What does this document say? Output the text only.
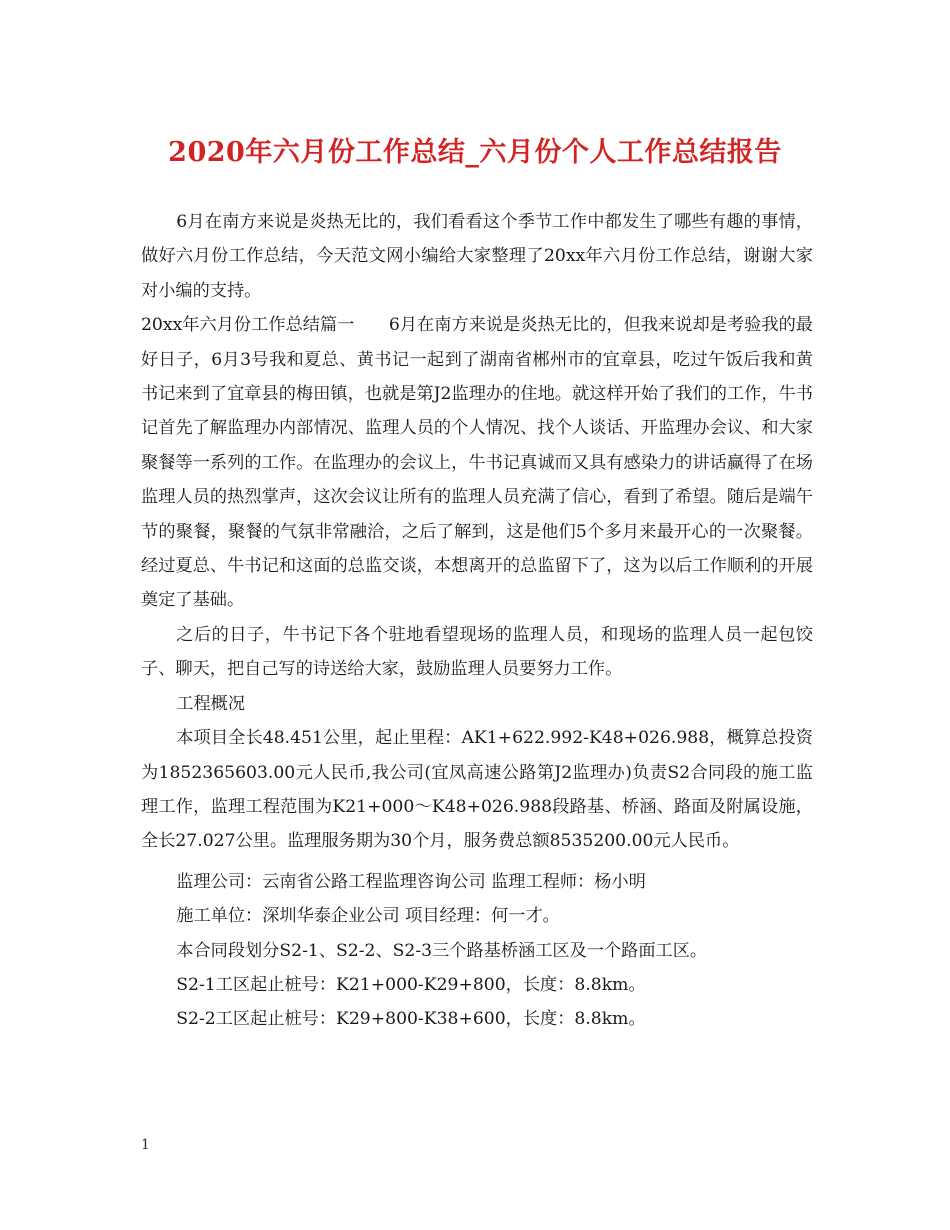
2020年六月份工作总结_六月份个人工作总结报告

6月在南方来说是炎热无比的，我们看看这个季节工作中都发生了哪些有趣的事情，做好六月份工作总结，今天范文网小编给大家整理了20xx年六月份工作总结，谢谢大家对小编的支持。

20xx年六月份工作总结篇一　　6月在南方来说是炎热无比的，但我来说却是考验我的最好日子，6月3号我和夏总、黄书记一起到了湖南省郴州市的宜章县，吃过午饭后我和黄书记来到了宜章县的梅田镇，也就是第J2监理办的住地。就这样开始了我们的工作，牛书记首先了解监理办内部情况、监理人员的个人情况、找个人谈话、开监理办会议、和大家聚餐等一系列的工作。在监理办的会议上，牛书记真诚而又具有感染力的讲话赢得了在场监理人员的热烈掌声，这次会议让所有的监理人员充满了信心，看到了希望。随后是端午节的聚餐，聚餐的气氛非常融洽，之后了解到，这是他们5个多月来最开心的一次聚餐。经过夏总、牛书记和这面的总监交谈，本想离开的总监留下了，这为以后工作顺利的开展奠定了基础。

之后的日子，牛书记下各个驻地看望现场的监理人员，和现场的监理人员一起包饺子、聊天，把自己写的诗送给大家，鼓励监理人员要努力工作。

工程概况

本项目全长48.451公里，起止里程：AK1+622.992-K48+026.988，概算总投资为1852365603.00元人民币,我公司(宜凤高速公路第J2监理办)负责S2合同段的施工监理工作，监理工程范围为K21+000～K48+026.988段路基、桥涵、路面及附属设施，全长27.027公里。监理服务期为30个月，服务费总额8535200.00元人民币。

监理公司：云南省公路工程监理咨询公司 监理工程师：杨小明

施工单位：深圳华泰企业公司 项目经理：何一才。

本合同段划分S2-1、S2-2、S2-3三个路基桥涵工区及一个路面工区。

S2-1工区起止桩号：K21+000-K29+800，长度：8.8km。

S2-2工区起止桩号：K29+800-K38+600，长度：8.8km。

1
